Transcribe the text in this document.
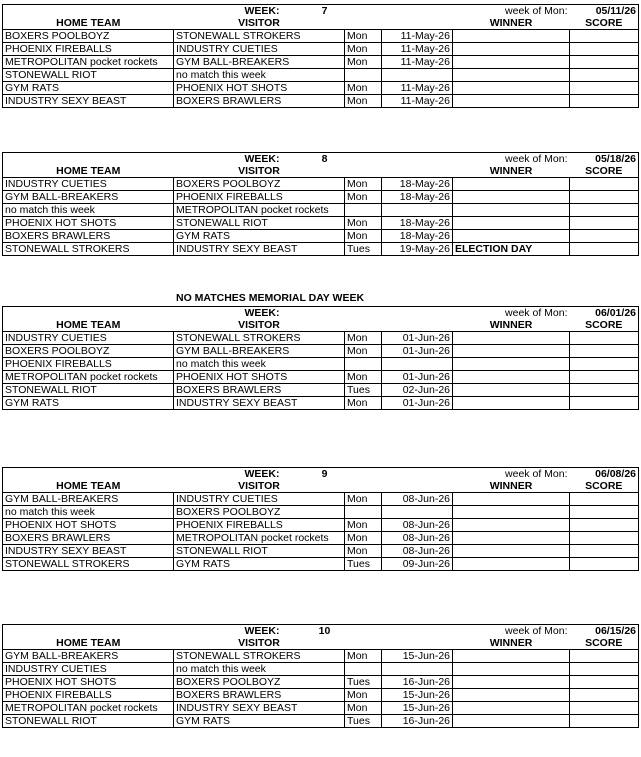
WEEK: 7				week of Mon:	05/11/26
HOME TEAM	VISITOR			WINNER	SCORE
BOXERS POOLBOYZ	STONEWALL STROKERS	Mon	11-May-26		
PHOENIX FIREBALLS	INDUSTRY CUETIES	Mon	11-May-26		
METROPOLITAN pocket rockets	GYM BALL-BREAKERS	Mon	11-May-26		
STONEWALL RIOT	no match this week				
GYM RATS	PHOENIX HOT SHOTS	Mon	11-May-26		
INDUSTRY SEXY BEAST	BOXERS BRAWLERS	Mon	11-May-26		
WEEK: 8				week of Mon:	05/18/26
HOME TEAM	VISITOR			WINNER	SCORE
INDUSTRY CUETIES	BOXERS POOLBOYZ	Mon	18-May-26		
GYM BALL-BREAKERS	PHOENIX FIREBALLS	Mon	18-May-26		
no match this week	METROPOLITAN pocket rockets				
PHOENIX HOT SHOTS	STONEWALL RIOT	Mon	18-May-26		
BOXERS BRAWLERS	GYM RATS	Mon	18-May-26		
STONEWALL STROKERS	INDUSTRY SEXY BEAST	Tues	19-May-26	ELECTION DAY	
WEEK:				week of Mon:	06/01/26
HOME TEAM	VISITOR			WINNER	SCORE
INDUSTRY CUETIES	STONEWALL STROKERS	Mon	01-Jun-26		
BOXERS POOLBOYZ	GYM BALL-BREAKERS	Mon	01-Jun-26		
PHOENIX FIREBALLS	no match this week				
METROPOLITAN pocket rockets	PHOENIX HOT SHOTS	Mon	01-Jun-26		
STONEWALL RIOT	BOXERS BRAWLERS	Tues	02-Jun-26		
GYM RATS	INDUSTRY SEXY BEAST	Mon	01-Jun-26		
WEEK: 9				week of Mon:	06/08/26
HOME TEAM	VISITOR			WINNER	SCORE
GYM BALL-BREAKERS	INDUSTRY CUETIES	Mon	08-Jun-26		
no match this week	BOXERS POOLBOYZ				
PHOENIX HOT SHOTS	PHOENIX FIREBALLS	Mon	08-Jun-26		
BOXERS BRAWLERS	METROPOLITAN pocket rockets	Mon	08-Jun-26		
INDUSTRY SEXY BEAST	STONEWALL RIOT	Mon	08-Jun-26		
STONEWALL STROKERS	GYM RATS	Tues	09-Jun-26		
WEEK: 10				week of Mon:	06/15/26
HOME TEAM	VISITOR			WINNER	SCORE
GYM BALL-BREAKERS	STONEWALL STROKERS	Mon	15-Jun-26		
INDUSTRY CUETIES	no match this week				
PHOENIX HOT SHOTS	BOXERS POOLBOYZ	Tues	16-Jun-26		
PHOENIX FIREBALLS	BOXERS BRAWLERS	Mon	15-Jun-26		
METROPOLITAN pocket rockets	INDUSTRY SEXY BEAST	Mon	15-Jun-26		
STONEWALL RIOT	GYM RATS	Tues	16-Jun-26		
NO MATCHES MEMORIAL DAY WEEK
